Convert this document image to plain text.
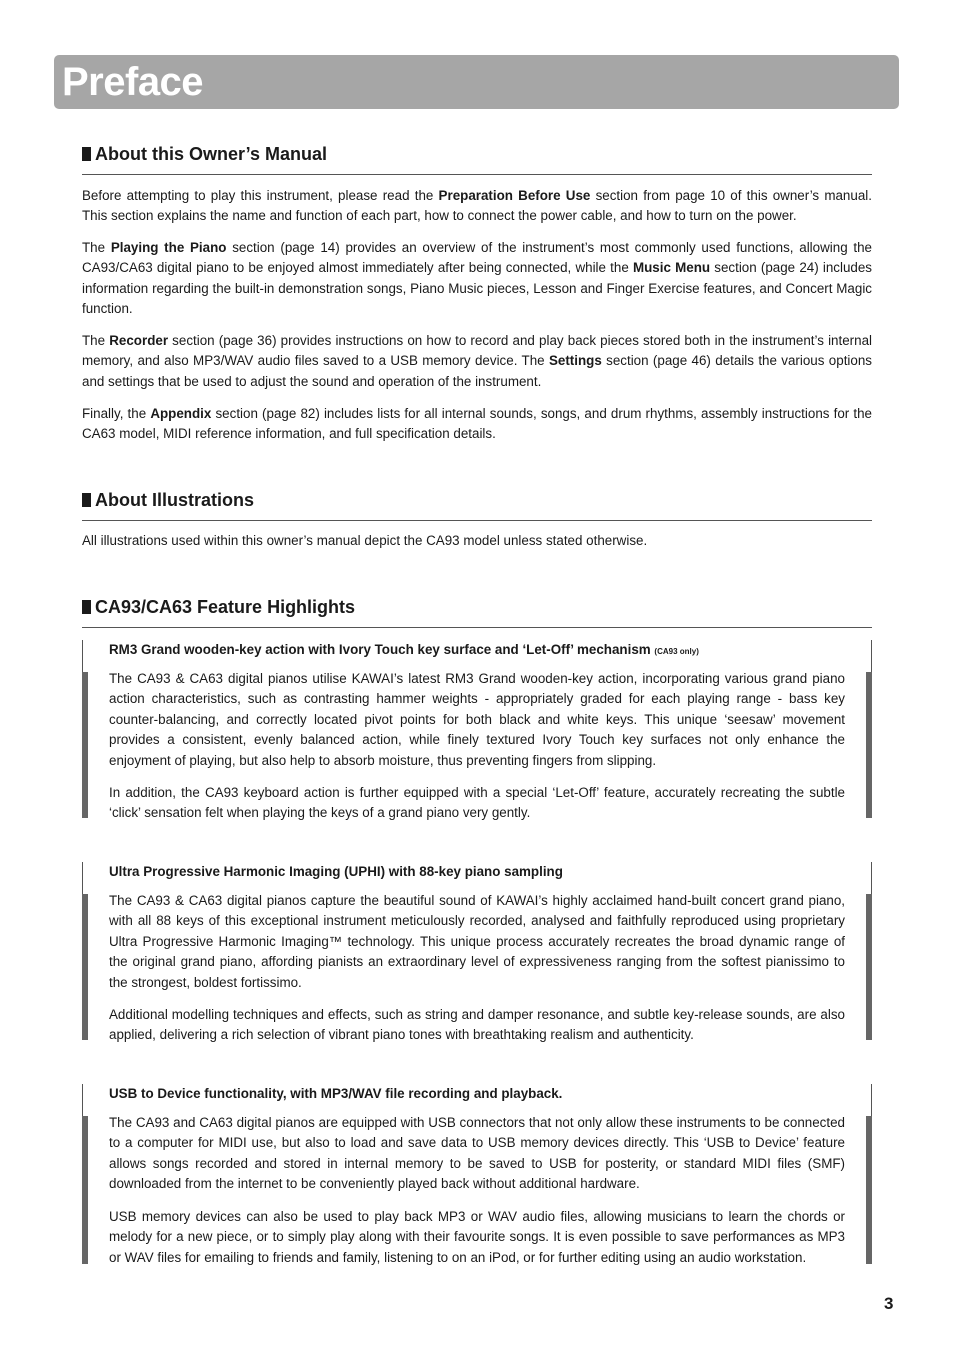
Preface
About this Owner’s Manual

Before attempting to play this instrument, please read the Preparation Before Use section from page 10 of this owner’s manual. This section explains the name and function of each part, how to connect the power cable, and how to turn on the power.

The Playing the Piano section (page 14) provides an overview of the instrument’s most commonly used functions, allowing the CA93/CA63 digital piano to be enjoyed almost immediately after being connected, while the Music Menu section (page 24) includes information regarding the built-in demonstration songs, Piano Music pieces, Lesson and Finger Exercise features, and Concert Magic function.

The Recorder section (page 36) provides instructions on how to record and play back pieces stored both in the instrument’s internal memory, and also MP3/WAV audio files saved to a USB memory device. The Settings section (page 46) details the various options and settings that be used to adjust the sound and operation of the instrument.

Finally, the Appendix section (page 82) includes lists for all internal sounds, songs, and drum rhythms, assembly instructions for the CA63 model, MIDI reference information, and full specification details.

About Illustrations

All illustrations used within this owner’s manual depict the CA93 model unless stated otherwise.

CA93/CA63 Feature Highlights

RM3 Grand wooden-key action with Ivory Touch key surface and ‘Let-Off’ mechanism (CA93 only)

The CA93 & CA63 digital pianos utilise KAWAI’s latest RM3 Grand wooden-key action, incorporating various grand piano action characteristics, such as contrasting hammer weights - appropriately graded for each playing range - bass key counter-balancing, and correctly located pivot points for both black and white keys. This unique ‘seesaw’ movement provides a consistent, evenly balanced action, while finely textured Ivory Touch key surfaces not only enhance the enjoyment of playing, but also help to absorb moisture, thus preventing fingers from slipping.

In addition, the CA93 keyboard action is further equipped with a special ‘Let-Off’ feature, accurately recreating the subtle ‘click’ sensation felt when playing the keys of a grand piano very gently.

Ultra Progressive Harmonic Imaging (UPHI) with 88-key piano sampling

The CA93 & CA63 digital pianos capture the beautiful sound of KAWAI’s highly acclaimed hand-built concert grand piano, with all 88 keys of this exceptional instrument meticulously recorded, analysed and faithfully reproduced using proprietary Ultra Progressive Harmonic Imaging™ technology. This unique process accurately recreates the broad dynamic range of the original grand piano, affording pianists an extraordinary level of expressiveness ranging from the softest pianissimo to the strongest, boldest fortissimo.

Additional modelling techniques and effects, such as string and damper resonance, and subtle key-release sounds, are also applied, delivering a rich selection of vibrant piano tones with breathtaking realism and authenticity.

USB to Device functionality, with MP3/WAV file recording and playback.

The CA93 and CA63 digital pianos are equipped with USB connectors that not only allow these instruments to be connected to a computer for MIDI use, but also to load and save data to USB memory devices directly. This ‘USB to Device’ feature allows songs recorded and stored in internal memory to be saved to USB for posterity, or standard MIDI files (SMF) downloaded from the internet to be conveniently played back without additional hardware.

USB memory devices can also be used to play back MP3 or WAV audio files, allowing musicians to learn the chords or melody for a new piece, or to simply play along with their favourite songs. It is even possible to save performances as MP3 or WAV files for emailing to friends and family, listening to on an iPod, or for further editing using an audio workstation.

3
